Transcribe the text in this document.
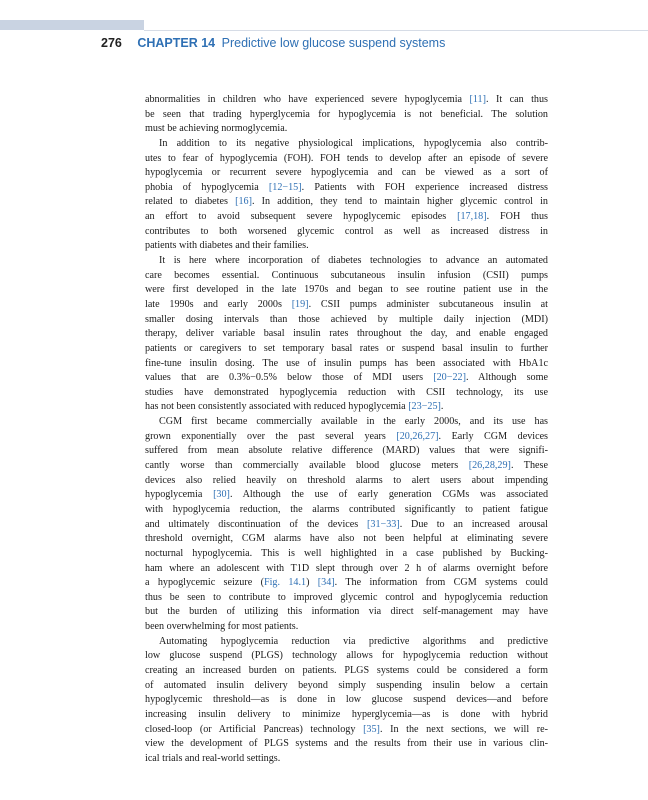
276 CHAPTER 14 Predictive low glucose suspend systems
abnormalities in children who have experienced severe hypoglycemia [11]. It can thus
be seen that trading hyperglycemia for hypoglycemia is not beneficial. The solution
must be achieving normoglycemia.
In addition to its negative physiological implications, hypoglycemia also contrib-
utes to fear of hypoglycemia (FOH). FOH tends to develop after an episode of severe
hypoglycemia or recurrent severe hypoglycemia and can be viewed as a sort of
phobia of hypoglycemia [12−15]. Patients with FOH experience increased distress
related to diabetes [16]. In addition, they tend to maintain higher glycemic control in
an effort to avoid subsequent severe hypoglycemic episodes [17,18]. FOH thus
contributes to both worsened glycemic control as well as increased distress in
patients with diabetes and their families.
It is here where incorporation of diabetes technologies to advance an automated
care becomes essential. Continuous subcutaneous insulin infusion (CSII) pumps
were first developed in the late 1970s and began to see routine patient use in the
late 1990s and early 2000s [19]. CSII pumps administer subcutaneous insulin at
smaller dosing intervals than those achieved by multiple daily injection (MDI)
therapy, deliver variable basal insulin rates throughout the day, and enable engaged
patients or caregivers to set temporary basal rates or suspend basal insulin to further
fine-tune insulin dosing. The use of insulin pumps has been associated with HbA1c
values that are 0.3%−0.5% below those of MDI users [20−22]. Although some
studies have demonstrated hypoglycemia reduction with CSII technology, its use
has not been consistently associated with reduced hypoglycemia [23−25].
CGM first became commercially available in the early 2000s, and its use has
grown exponentially over the past several years [20,26,27]. Early CGM devices
suffered from mean absolute relative difference (MARD) values that were signifi-
cantly worse than commercially available blood glucose meters [26,28,29]. These
devices also relied heavily on threshold alarms to alert users about impending
hypoglycemia [30]. Although the use of early generation CGMs was associated
with hypoglycemia reduction, the alarms contributed significantly to patient fatigue
and ultimately discontinuation of the devices [31−33]. Due to an increased arousal
threshold overnight, CGM alarms have also not been helpful at eliminating severe
nocturnal hypoglycemia. This is well highlighted in a case published by Bucking-
ham where an adolescent with T1D slept through over 2 h of alarms overnight before
a hypoglycemic seizure (Fig. 14.1) [34]. The information from CGM systems could
thus be seen to contribute to improved glycemic control and hypoglycemia reduction
but the burden of utilizing this information via direct self-management may have
been overwhelming for most patients.
Automating hypoglycemia reduction via predictive algorithms and predictive
low glucose suspend (PLGS) technology allows for hypoglycemia reduction without
creating an increased burden on patients. PLGS systems could be considered a form
of automated insulin delivery beyond simply suspending insulin below a certain
hypoglycemic threshold—as is done in low glucose suspend devices—and before
increasing insulin delivery to minimize hyperglycemia—as is done with hybrid
closed-loop (or Artificial Pancreas) technology [35]. In the next sections, we will re-
view the development of PLGS systems and the results from their use in various clin-
ical trials and real-world settings.
